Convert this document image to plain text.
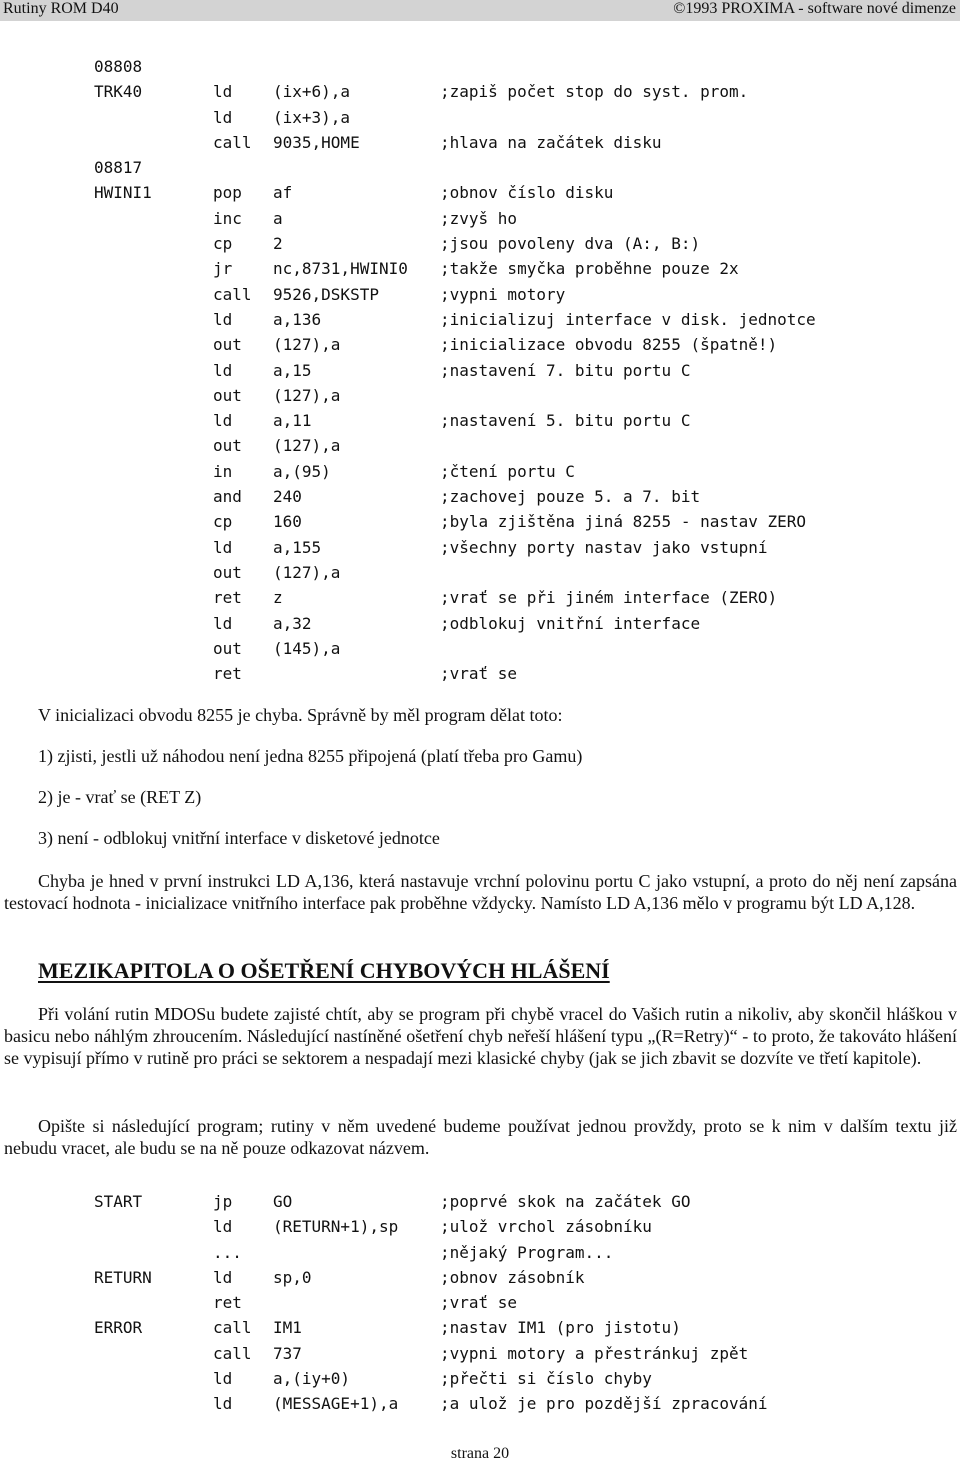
Rutiny ROM D40	©1993 PROXIMA - software nové dimenze
08808
TRK40	ld	(ix+6),a	;zapiš počet stop do syst. prom.
ld	(ix+3),a
call 9035,HOME	;hlava na začátek disku
08817
HWINI1	pop af	;obnov číslo disku
inc a	;zvyš ho
cp	2	;jsou povoleny dva (A:, B:)
jr	nc,8731,HWINI0 ;takže smyčka proběhne pouze 2x
call 9526,DSKSTP	;vypni motory
ld	a,136	;inicializuj interface v disk. jednotce
out (127),a	;inicializace obvodu 8255 (špatně!)
ld	a,15	;nastavení 7. bitu portu C
out (127),a
ld	a,11	;nastavení 5. bitu portu C
out (127),a
in	a,(95)	;čtení portu C
and 240	;zachovej pouze 5. a 7. bit
cp	160	;byla zjištěna jiná 8255 - nastav ZERO
ld	a,155	;všechny porty nastav jako vstupní
out (127),a
ret z	;vrať se při jiném interface (ZERO)
ld	a,32	;odblokuj vnitřní interface
out (145),a
ret	;vrať se

V inicializaci obvodu 8255 je chyba. Správně by měl program dělat toto:

1) zjisti, jestli už náhodou není jedna 8255 připojená (platí třeba pro Gamu)

2) je - vrať se (RET Z)

3) není - odblokuj vnitřní interface v disketové jednotce

Chyba je hned v první instrukci LD A,136, která nastavuje vrchní polovinu portu C jako vstupní, a proto do něj není zapsána testovací hodnota - inicializace vnitřního interface pak proběhne vždycky. Namísto LD A,136 mělo v programu být LD A,128.

MEZIKAPITOLA O OŠETŘENÍ CHYBOVÝCH HLÁŠENÍ

Při volání rutin MDOSu budete zajisté chtít, aby se program při chybě vracel do Vašich rutin a nikoliv, aby skončil hláškou v basicu nebo náhlým zhroucením. Následující nastíněné ošetření chyb neřeší hlášení typu „(R=Retry)“ - to proto, že takováto hlášení se vypisují přímo v rutině pro práci se sektorem a nespadají mezi klasické chyby (jak se jich zbavit se dozvíte ve třetí kapitole).

Opište si následující program; rutiny v něm uvedené budeme používat jednou provždy, proto se k nim v dalším textu již nebudu vracet, ale budu se na ně pouze odkazovat názvem.

START	jp	GO	;poprvé skok na začátek GO
ld	(RETURN+1),sp	;ulož vrchol zásobníku
...	;nějaký Program...
RETURN	ld	sp,0	;obnov zásobník
ret	;vrať se
ERROR	call IM1	;nastav IM1 (pro jistotu)
call 737	;vypni motory a přestránkuj zpět
ld	a,(iy+0)	;přečti si číslo chyby
ld	(MESSAGE+1),a	;a ulož je pro pozdější zpracování
strana 20
